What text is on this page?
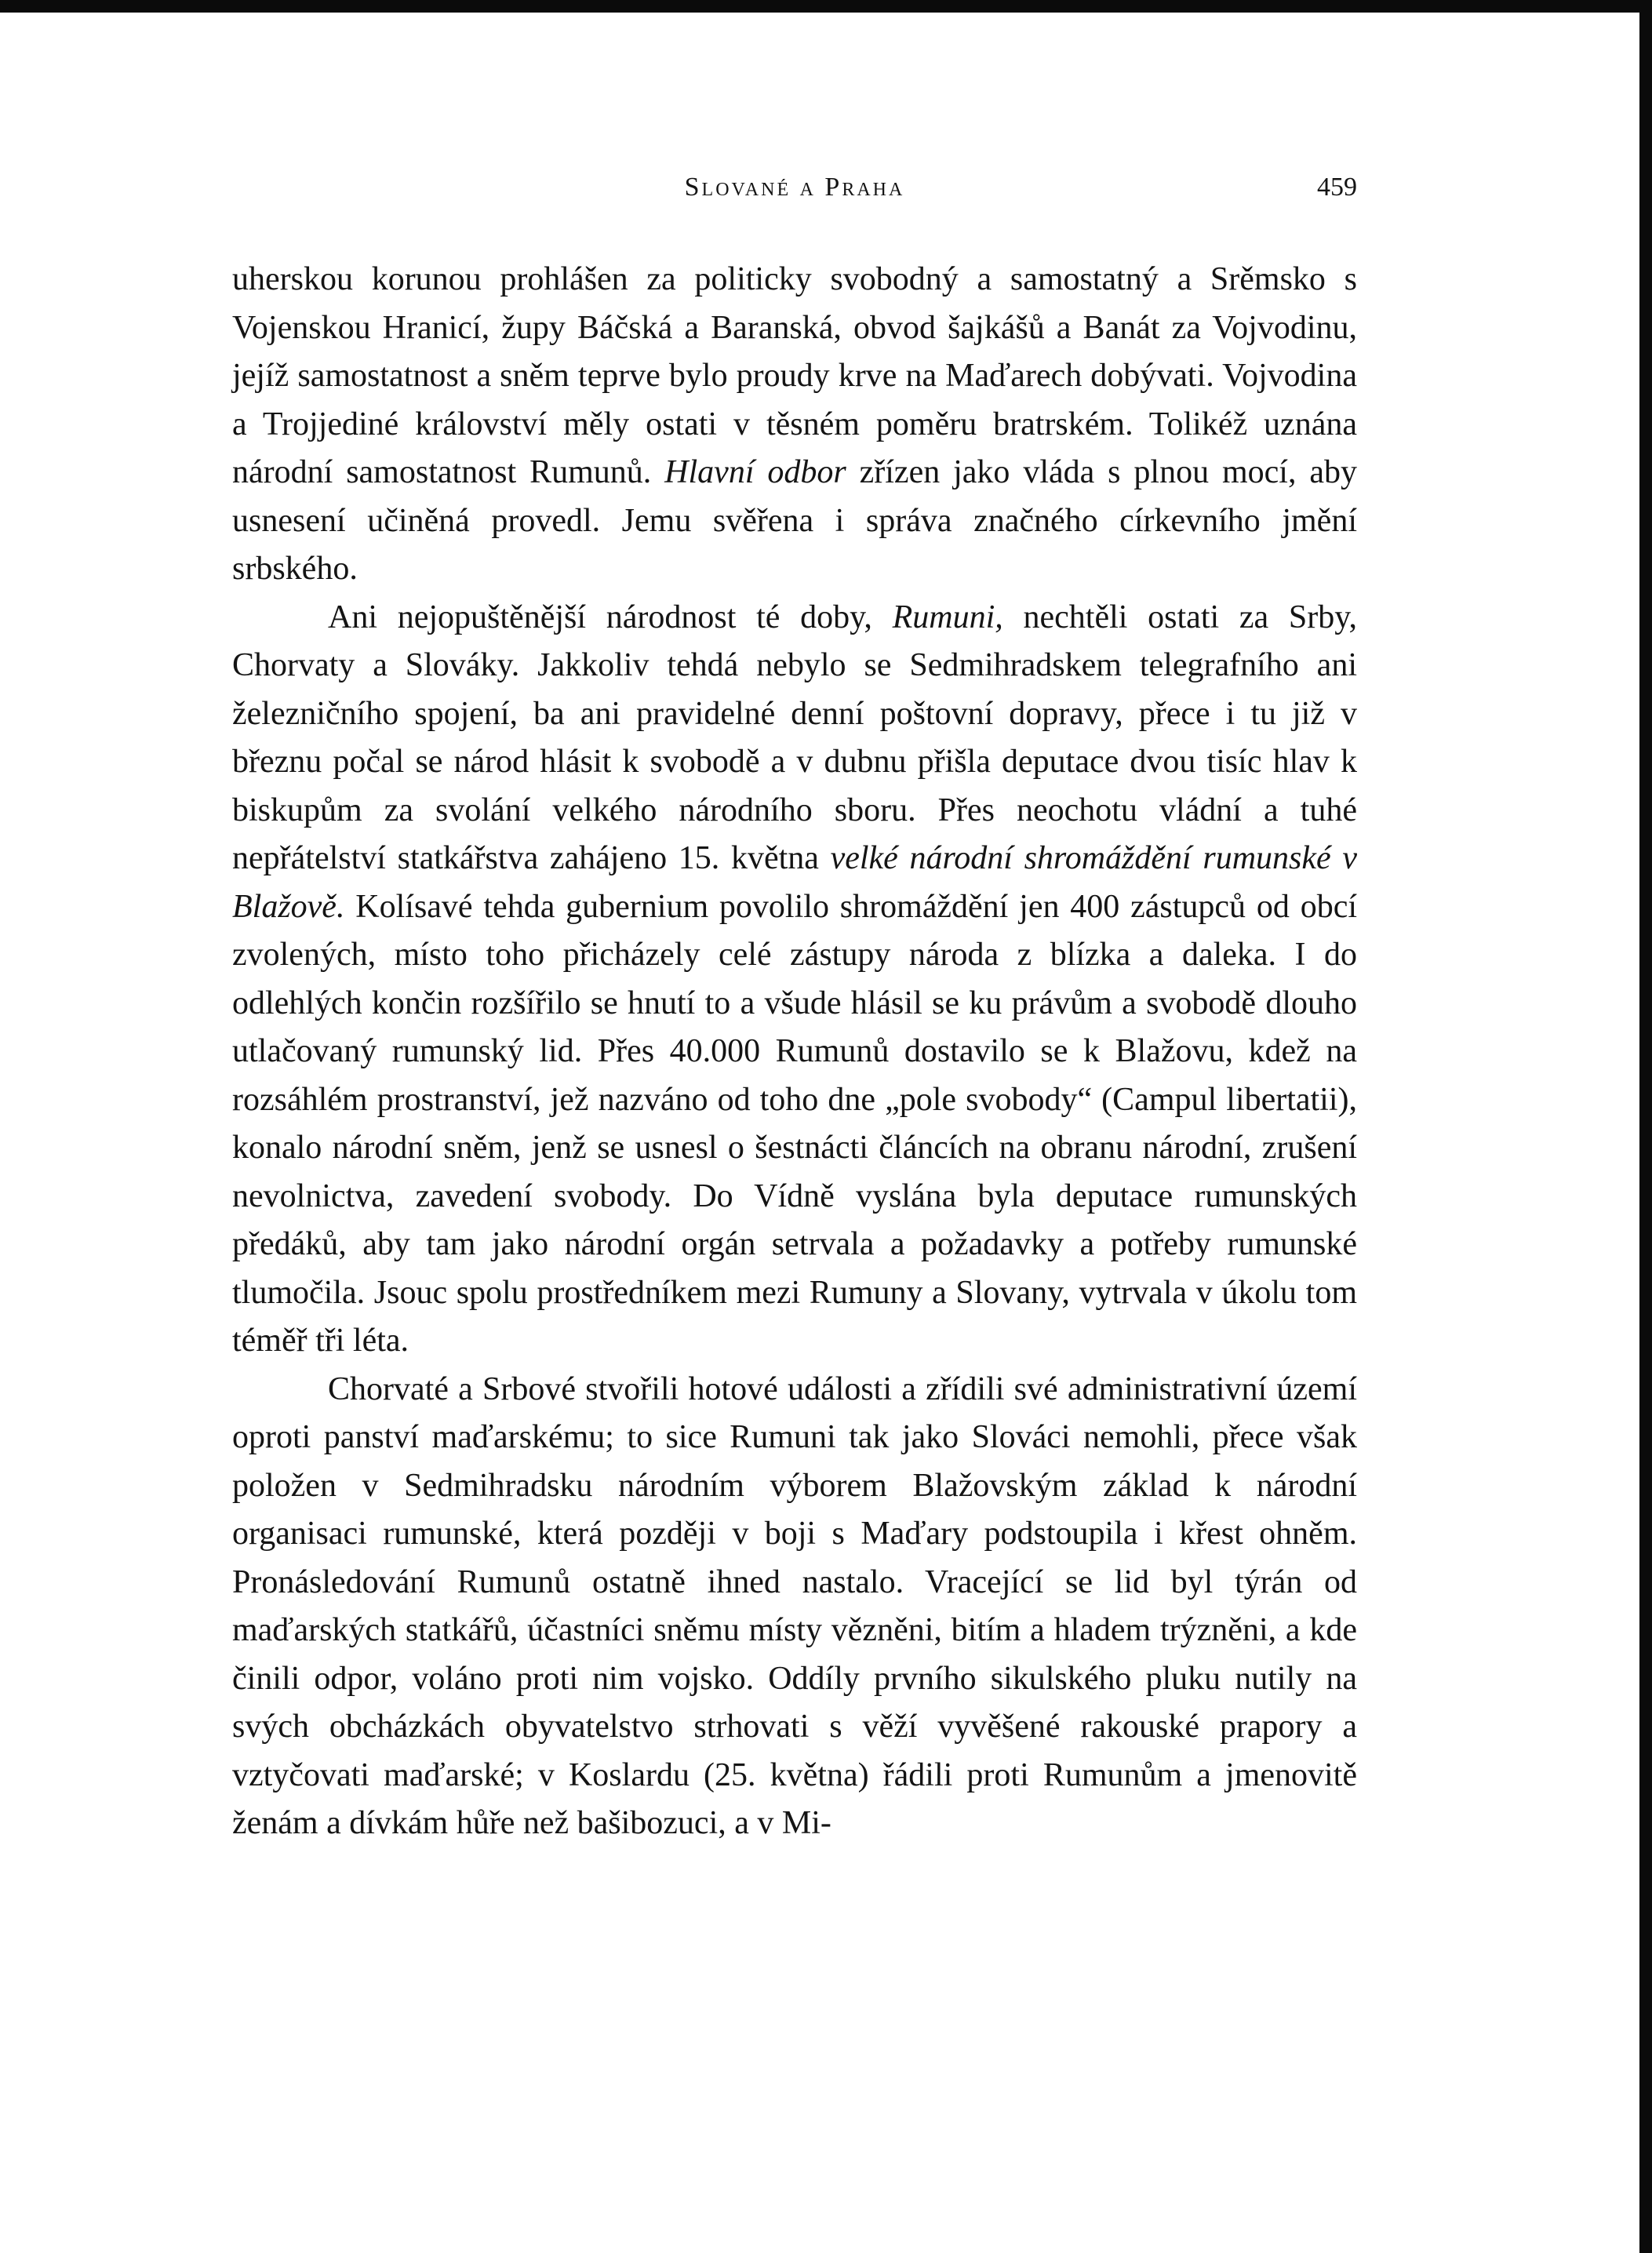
Slované a Praha	459

uherskou korunou prohlášen za politicky svobodný a samostatný a Srěmsko s Vojenskou Hranicí, župy Báčská a Baranská, obvod šajkášů a Banát za Vojvodinu, jejíž samostatnost a sněm teprve bylo proudy krve na Maďarech dobývati. Vojvodina a Trojjediné království měly ostati v těsném poměru bratrském. Tolikéž uznána národní samostatnost Rumunů. Hlavní odbor zřízen jako vláda s plnou mocí, aby usnesení učiněná provedl. Jemu svěřena i správa značného církevního jmění srbského.

Ani nejopuštěnější národnost té doby, Rumuni, nechtěli ostati za Srby, Chorvaty a Slováky. Jakkoliv tehdá nebylo se Sedmihradskem telegrafního ani železničního spojení, ba ani pravidelné denní poštovní dopravy, přece i tu již v březnu počal se národ hlásit k svobodě a v dubnu přišla deputace dvou tisíc hlav k biskupům za svolání velkého národního sboru. Přes neochotu vládní a tuhé nepřátelství statkářstva zahájeno 15. května velké národní shromáždění rumunské v Blažově. Kolísavé tehda gubernium povolilo shromáždění jen 400 zástupců od obcí zvolených, místo toho přicházely celé zástupy národa z blízka a daleka. I do odlehlých končin rozšířilo se hnutí to a všude hlásil se ku právům a svobodě dlouho utlačovaný rumunský lid. Přes 40.000 Rumunů dostavilo se k Blažovu, kdež na rozsáhlém prostranství, jež nazváno od toho dne „pole svobody“ (Campul libertatii), konalo národní sněm, jenž se usnesl o šestnácti článcích na obranu národní, zrušení nevolnictva, zavedení svobody. Do Vídně vyslána byla deputace rumunských předáků, aby tam jako národní orgán setrvala a požadavky a potřeby rumunské tlumočila. Jsouc spolu prostředníkem mezi Rumuny a Slovany, vytrvala v úkolu tom téměř tři léta.

Chorvaté a Srbové stvořili hotové události a zřídili své administrativní území oproti panství maďarskému; to sice Rumuni tak jako Slováci nemohli, přece však položen v Sedmihradsku národním výborem Blažovským základ k národní organisaci rumunské, která později v boji s Maďary podstoupila i křest ohněm. Pronásledování Rumunů ostatně ihned nastalo. Vracející se lid byl týrán od maďarských statkářů, účastníci sněmu místy vězněni, bitím a hladem trýzněni, a kde činili odpor, voláno proti nim vojsko. Oddíly prvního sikulského pluku nutily na svých obcházkách obyvatelstvo strhovati s věží vyvěšené rakouské prapory a vztyčovati maďarské; v Koslardu (25. května) řádili proti Rumunům a jmenovitě ženám a dívkám hůře než bašibozuci, a v Mi-
